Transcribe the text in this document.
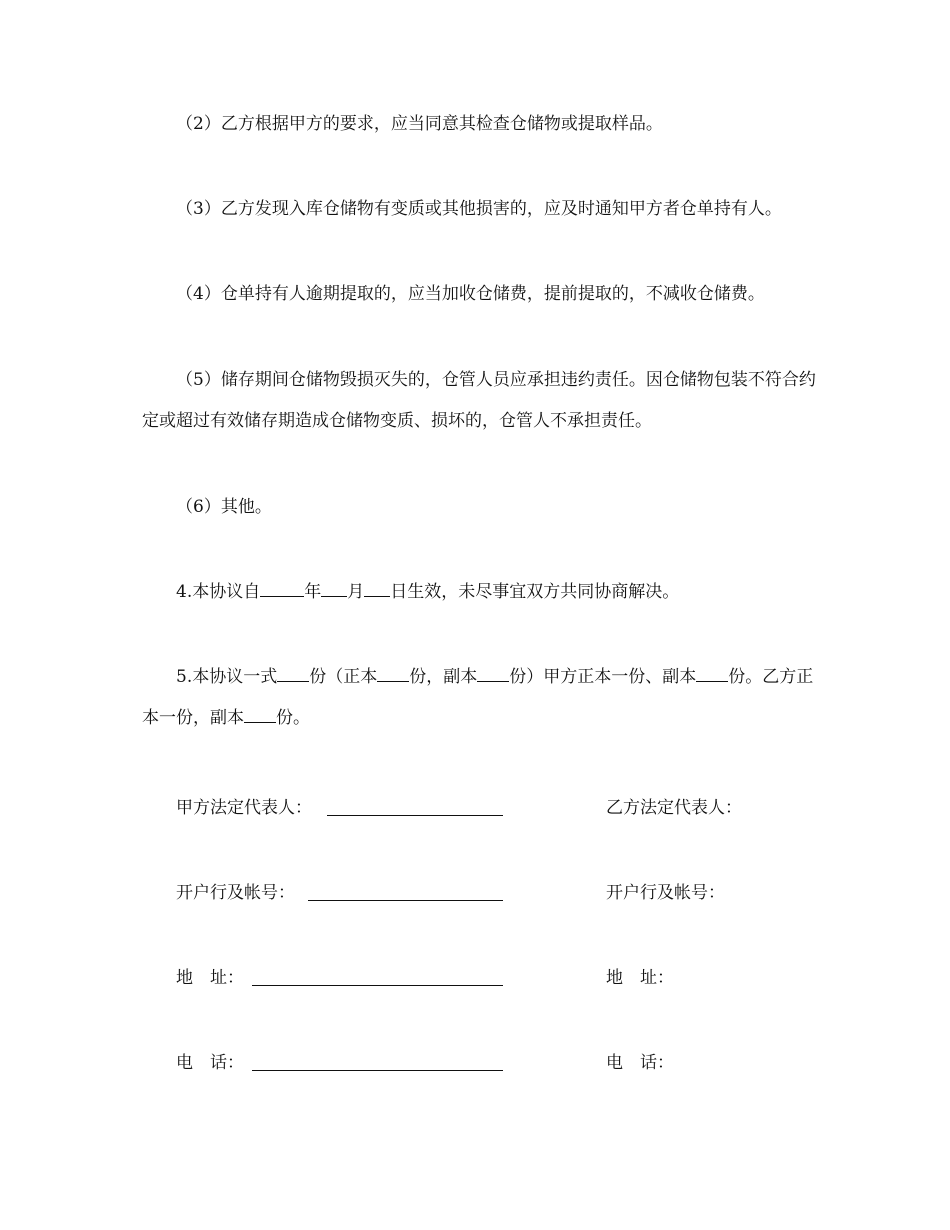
（2）乙方根据甲方的要求，应当同意其检查仓储物或提取样品。

（3）乙方发现入库仓储物有变质或其他损害的，应及时通知甲方者仓单持有人。

（4）仓单持有人逾期提取的，应当加收仓储费，提前提取的，不减收仓储费。

（5）储存期间仓储物毁损灭失的，仓管人员应承担违约责任。因仓储物包装不符合约定或超过有效储存期造成仓储物变质、损坏的，仓管人不承担责任。

（6）其他。

4.本协议自	年 月 日生效，未尽事宜双方共同协商解决。

5.本协议一式 份（正本 份，副本 份）甲方正本一份、副本 份。乙方正本一份，副本 份。

甲方法定代表人：	乙方法定代表人：
开户行及帐号：	开户行及帐号：
地　址：	地　址：
电　话：	电　话：
